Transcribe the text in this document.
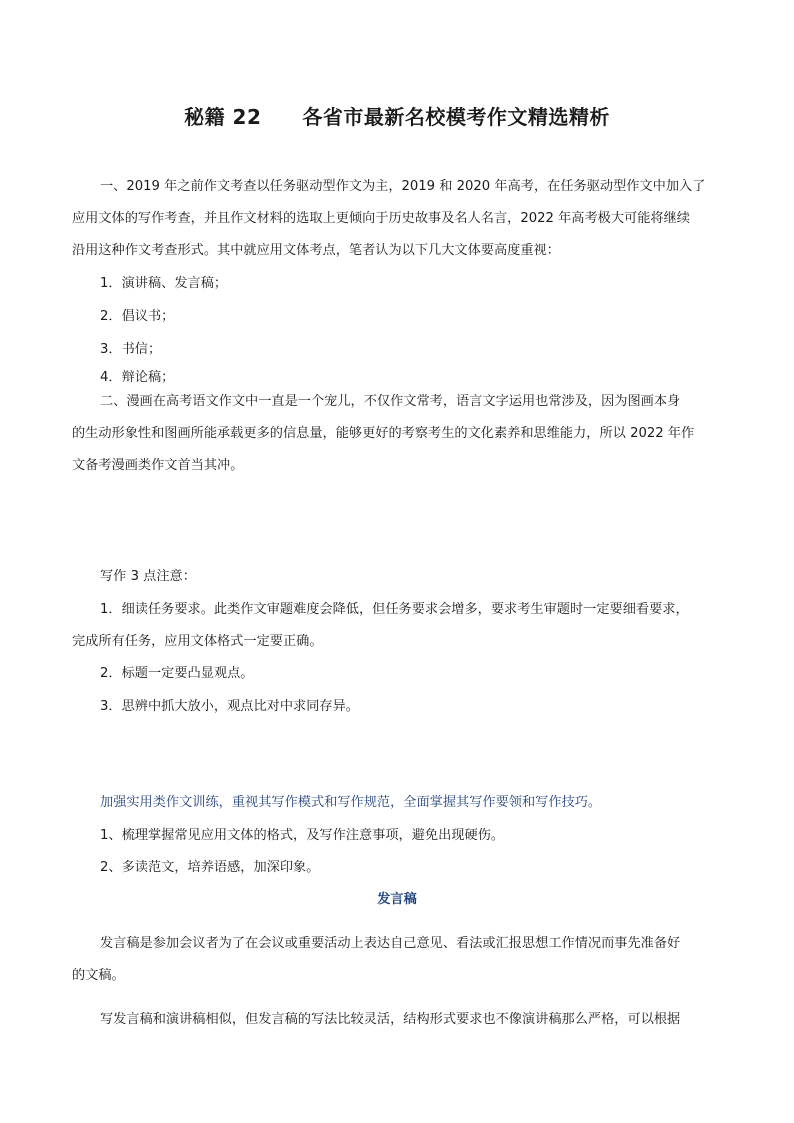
秘籍 22　　各省市最新名校模考作文精选精析
一、2019 年之前作文考查以任务驱动型作文为主，2019 和 2020 年高考，在任务驱动型作文中加入了
应用文体的写作考查，并且作文材料的选取上更倾向于历史故事及名人名言，2022 年高考极大可能将继续
沿用这种作文考查形式。其中就应用文体考点，笔者认为以下几大文体要高度重视：
1．演讲稿、发言稿；
2．倡议书；
3．书信；
4．辩论稿；
二、漫画在高考语文作文中一直是一个宠儿，不仅作文常考，语言文字运用也常涉及，因为图画本身
的生动形象性和图画所能承载更多的信息量，能够更好的考察考生的文化素养和思维能力，所以 2022 年作
文备考漫画类作文首当其冲。
写作 3 点注意：
1．细读任务要求。此类作文审题难度会降低，但任务要求会增多，要求考生审题时一定要细看要求，
完成所有任务，应用文体格式一定要正确。
2．标题一定要凸显观点。
3．思辨中抓大放小，观点比对中求同存异。
加强实用类作文训练，重视其写作模式和写作规范，全面掌握其写作要领和写作技巧。
1、梳理掌握常见应用文体的格式，及写作注意事项，避免出现硬伤。
2、多读范文，培养语感，加深印象。
发言稿
发言稿是参加会议者为了在会议或重要活动上表达自己意见、看法或汇报思想工作情况而事先准备好
的文稿。
写发言稿和演讲稿相似，但发言稿的写法比较灵活，结构形式要求也不像演讲稿那么严格，可以根据
